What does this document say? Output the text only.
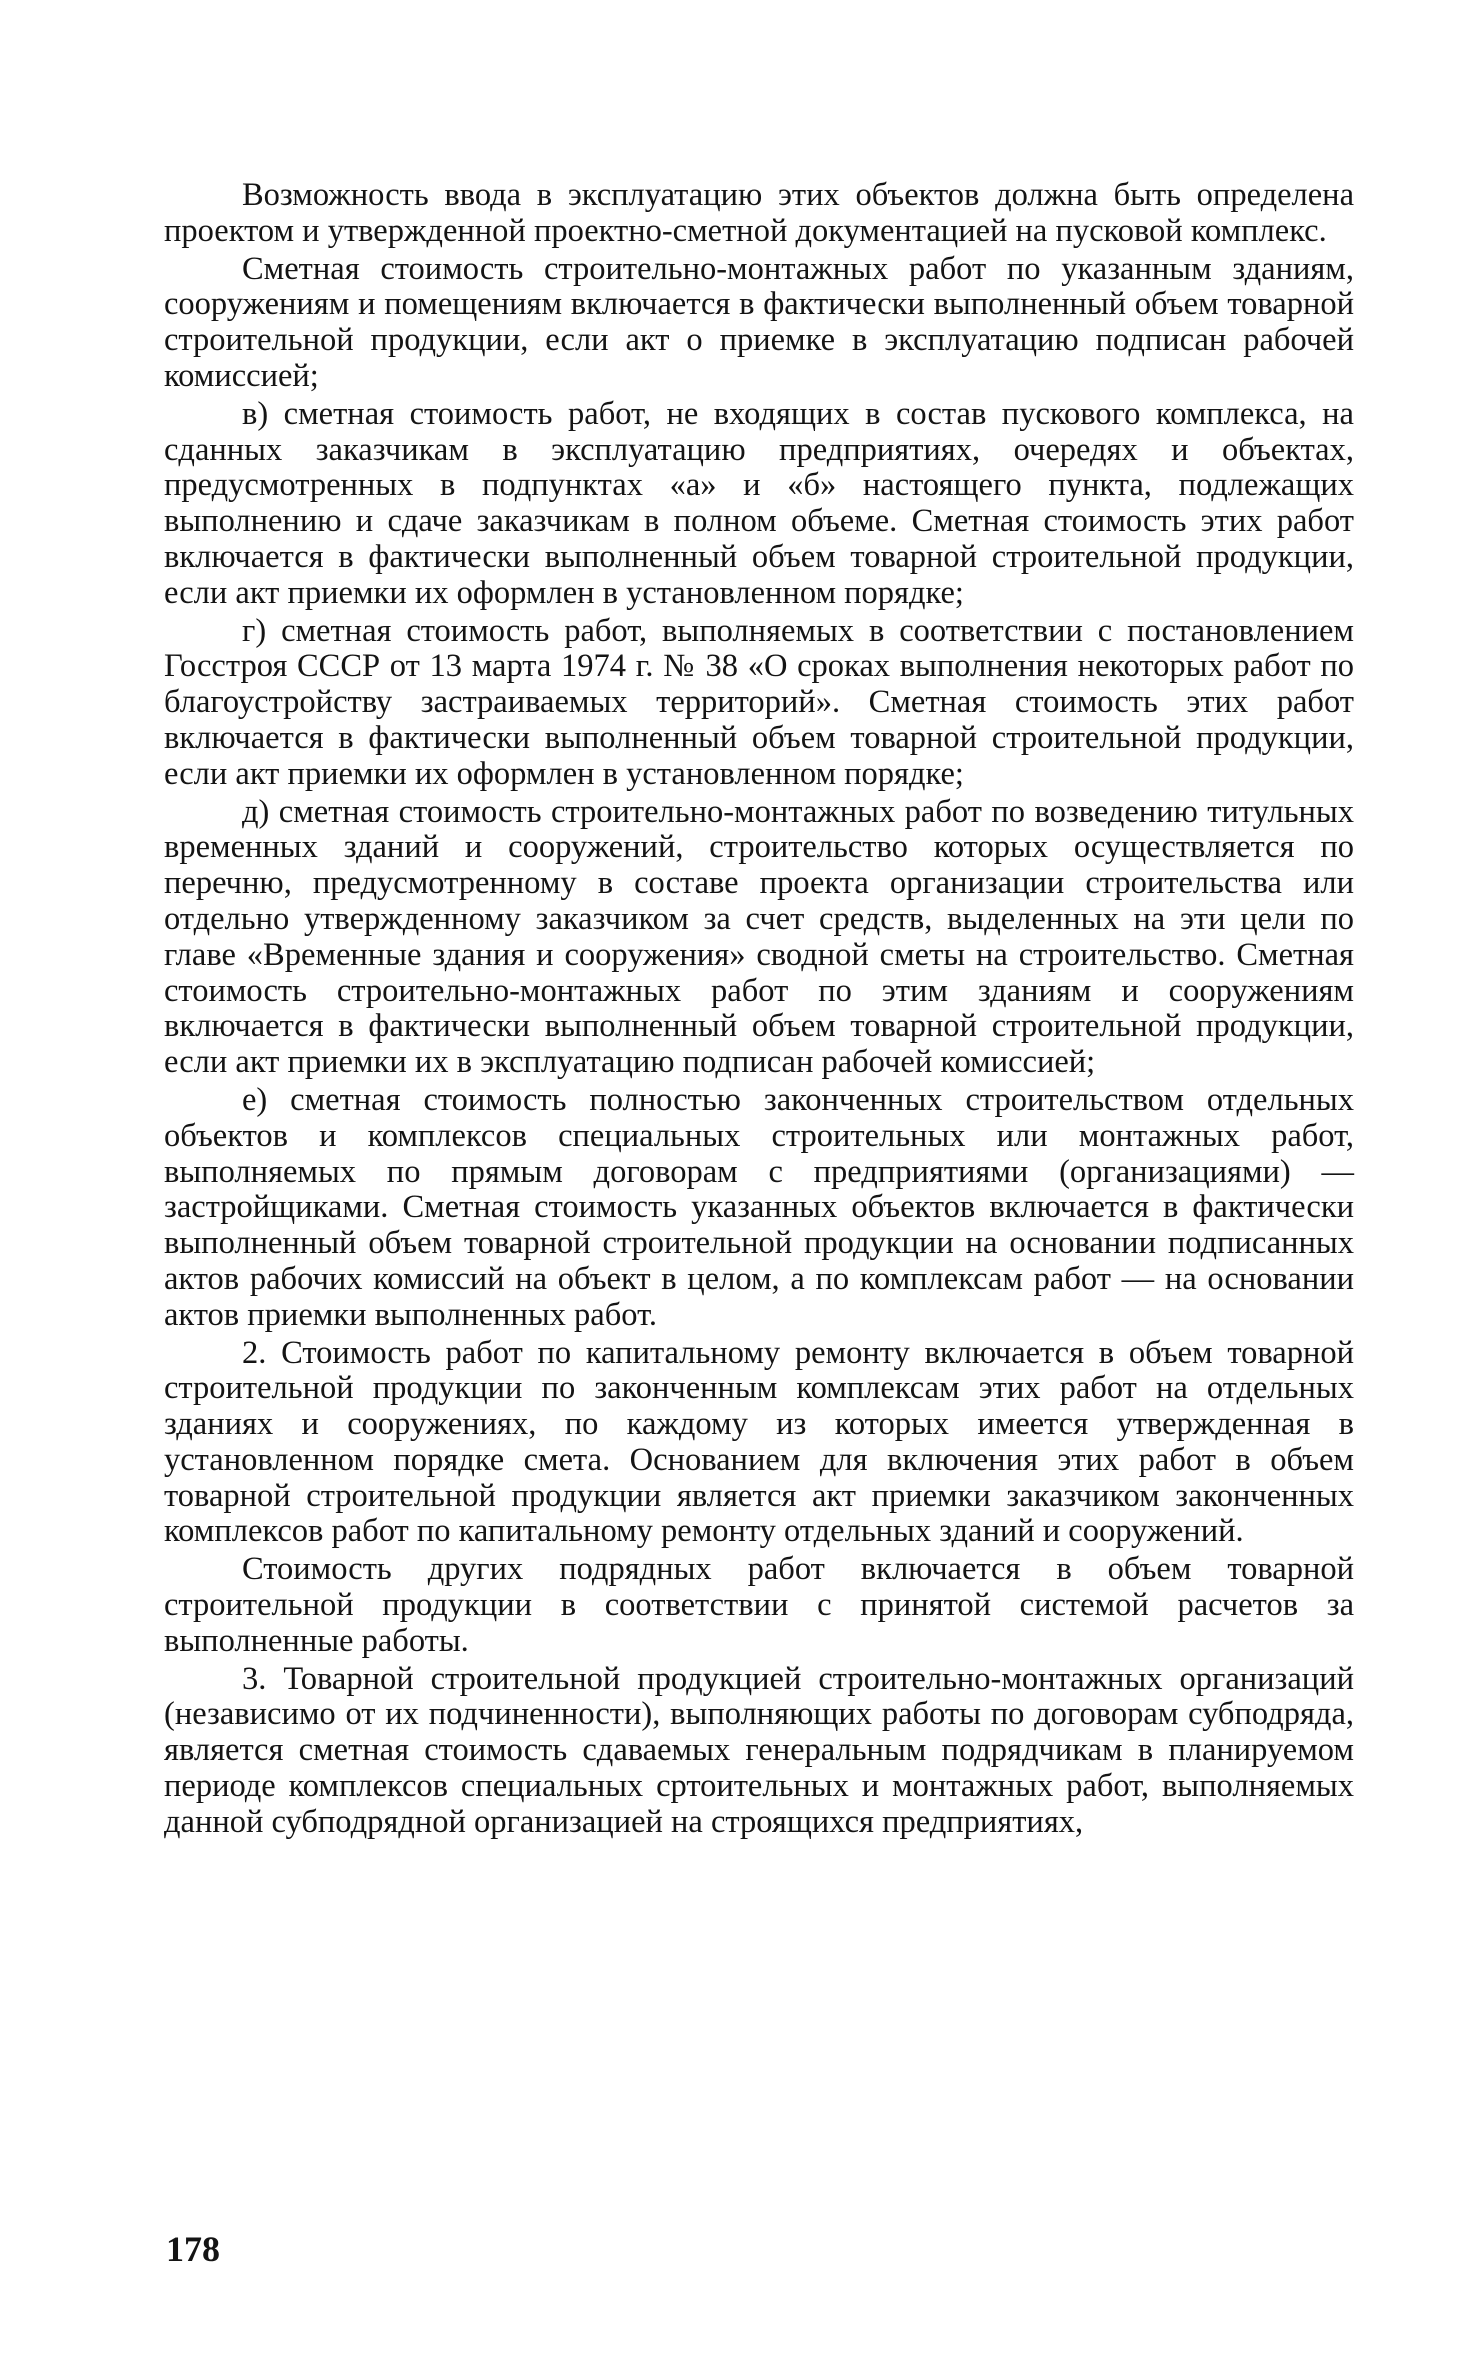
Возможность ввода в эксплуатацию этих объектов должна быть определена проектом и утвержденной проектно-сметной документацией на пусковой комплекс.

Сметная стоимость строительно-монтажных работ по указанным зданиям, сооружениям и помещениям включается в фактически выполненный объем товарной строительной продукции, если акт о приемке в эксплуатацию подписан рабочей комиссией;

в) сметная стоимость работ, не входящих в состав пускового комплекса, на сданных заказчикам в эксплуатацию предприятиях, очередях и объектах, предусмотренных в подпунктах «а» и «б» настоящего пункта, подлежащих выполнению и сдаче заказчикам в полном объеме. Сметная стоимость этих работ включается в фактически выполненный объем товарной строительной продукции, если акт приемки их оформлен в установленном порядке;

г) сметная стоимость работ, выполняемых в соответствии с постановлением Госстроя СССР от 13 марта 1974 г. № 38 «О сроках выполнения некоторых работ по благоустройству застраиваемых территорий». Сметная стоимость этих работ включается в фактически выполненный объем товарной строительной продукции, если акт приемки их оформлен в установленном порядке;

д) сметная стоимость строительно-монтажных работ по возведению титульных временных зданий и сооружений, строительство которых осуществляется по перечню, предусмотренному в составе проекта организации строительства или отдельно утвержденному заказчиком за счет средств, выделенных на эти цели по главе «Временные здания и сооружения» сводной сметы на строительство. Сметная стоимость строительно-монтажных работ по этим зданиям и сооружениям включается в фактически выполненный объем товарной строительной продукции, если акт приемки их в эксплуатацию подписан рабочей комиссией;

е) сметная стоимость полностью законченных строительством отдельных объектов и комплексов специальных строительных или монтажных работ, выполняемых по прямым договорам с предприятиями (организациями) — застройщиками. Сметная стоимость указанных объектов включается в фактически выполненный объем товарной строительной продукции на основании подписанных актов рабочих комиссий на объект в целом, а по комплексам работ — на основании актов приемки выполненных работ.

2. Стоимость работ по капитальному ремонту включается в объем товарной строительной продукции по законченным комплексам этих работ на отдельных зданиях и сооружениях, по каждому из которых имеется утвержденная в установленном порядке смета. Основанием для включения этих работ в объем товарной строительной продукции является акт приемки заказчиком законченных комплексов работ по капитальному ремонту отдельных зданий и сооружений.

Стоимость других подрядных работ включается в объем товарной строительной продукции в соответствии с принятой системой расчетов за выполненные работы.

3. Товарной строительной продукцией строительно-монтажных организаций (независимо от их подчиненности), выполняющих работы по договорам субподряда, является сметная стоимость сдаваемых генеральным подрядчикам в планируемом периоде комплексов специальных сртоительных и монтажных работ, выполняемых данной субподрядной организацией на строящихся предприятиях,

178
